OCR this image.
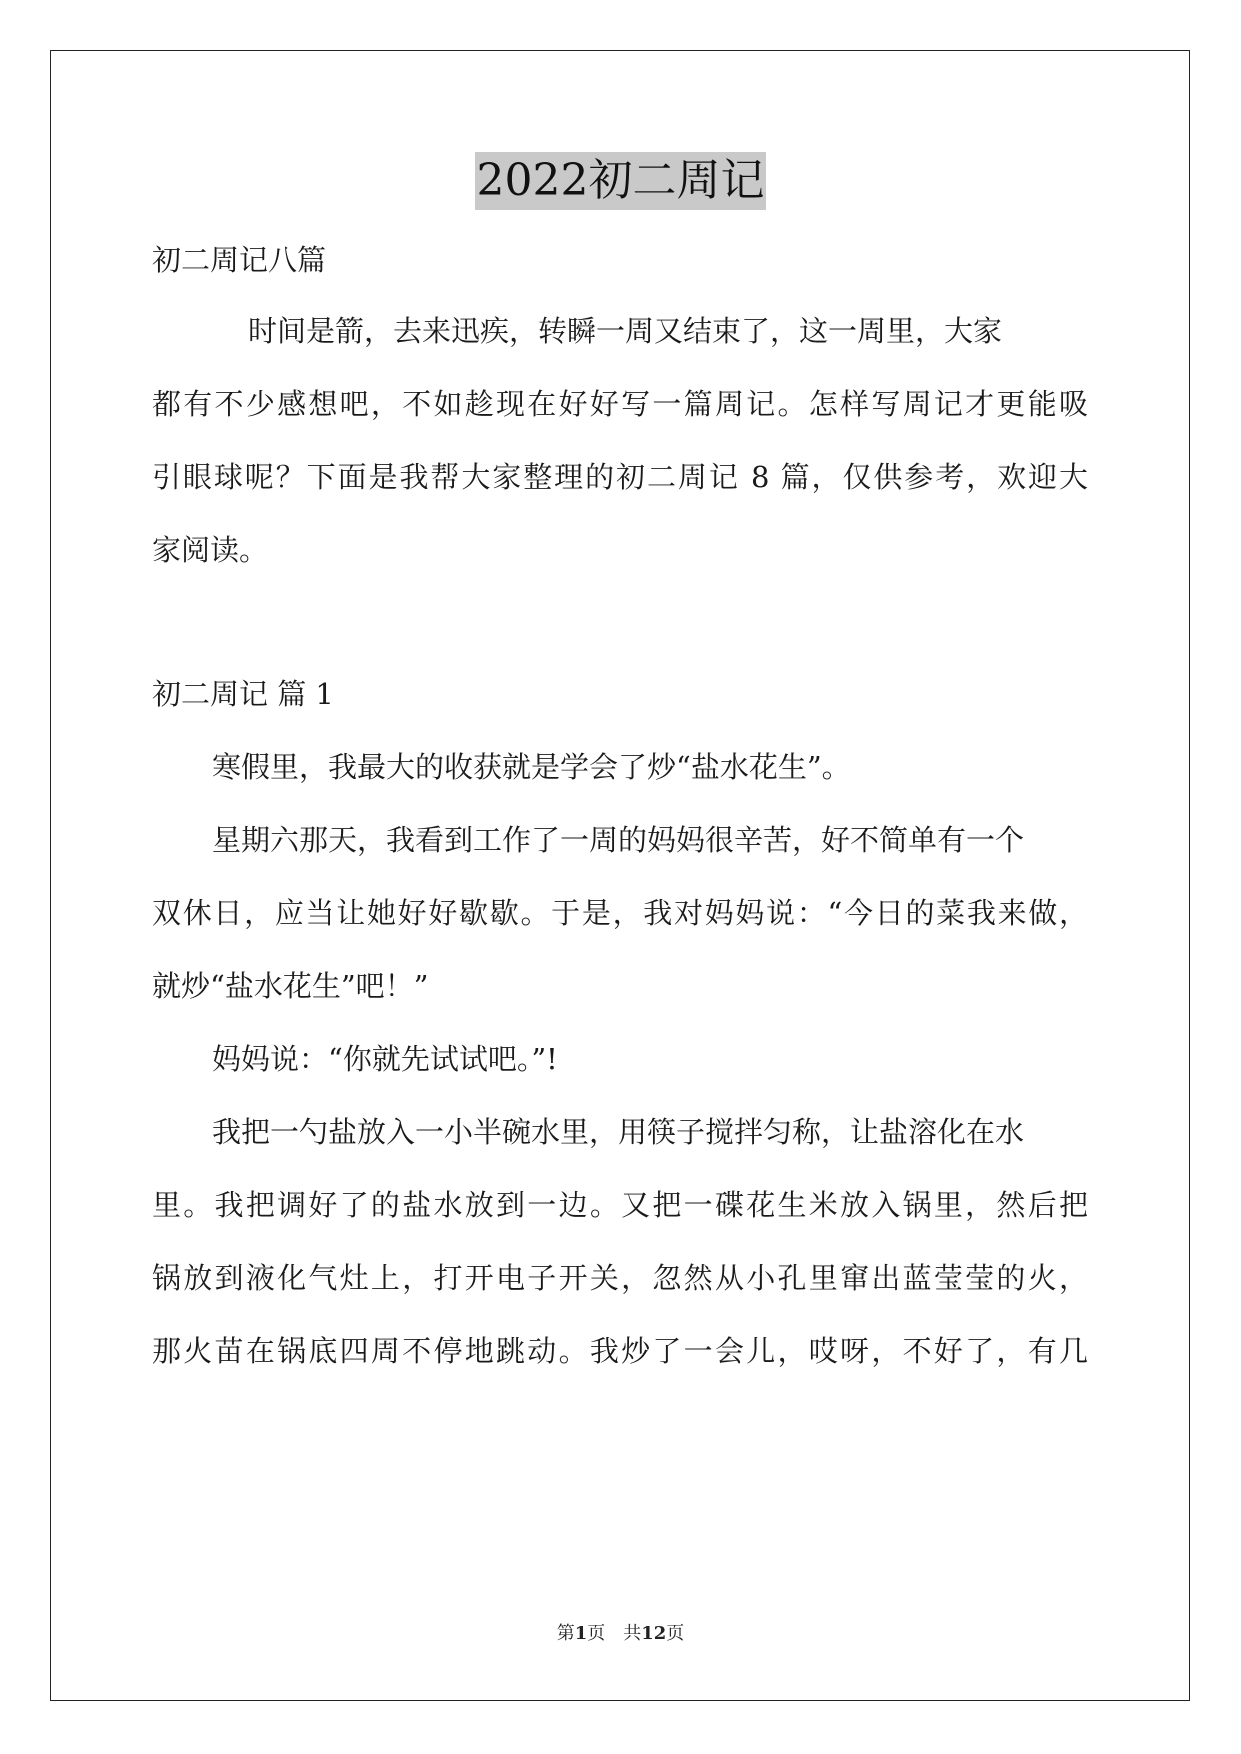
2022初二周记
初二周记八篇
时间是箭，去来迅疾，转瞬一周又结束了，这一周里，大家
都有不少感想吧，不如趁现在好好写一篇周记。怎样写周记才更能吸
引眼球呢？下面是我帮大家整理的初二周记 8 篇，仅供参考，欢迎大
家阅读。
初二周记 篇 1
寒假里，我最大的收获就是学会了炒“盐水花生”。
星期六那天，我看到工作了一周的妈妈很辛苦，好不简单有一个
双休日，应当让她好好歇歇。于是，我对妈妈说：“今日的菜我来做，
就炒“盐水花生”吧！”
妈妈说：“你就先试试吧。”!
我把一勺盐放入一小半碗水里，用筷子搅拌匀称，让盐溶化在水
里。我把调好了的盐水放到一边。又把一碟花生米放入锅里，然后把
锅放到液化气灶上，打开电子开关，忽然从小孔里窜出蓝莹莹的火，
那火苗在锅底四周不停地跳动。我炒了一会儿，哎呀，不好了，有几
第1页 共12页
